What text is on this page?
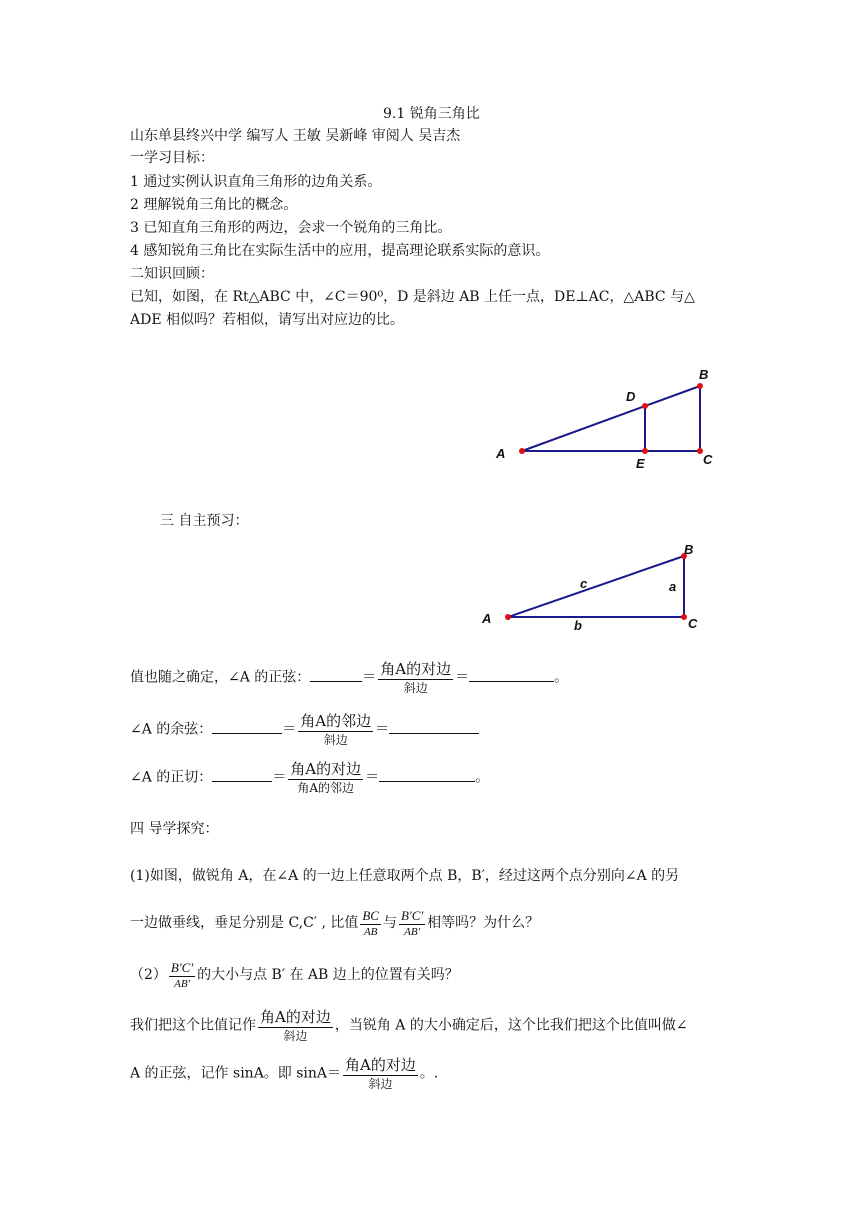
9.1 锐角三角比
山东单县终兴中学 编写人 王敏 吴新峰 审阅人 吴吉杰
一学习目标：
1 通过实例认识直角三角形的边角关系。
2 理解锐角三角比的概念。
3 已知直角三角形的两边，会求一个锐角的三角比。
4 感知锐角三角比在实际生活中的应用，提高理论联系实际的意识。
二知识回顾：
已知，如图，在 Rt△ABC 中，∠C＝90⁰，D 是斜边 AB 上任一点，DE⊥AC，△ABC 与△
ADE 相似吗？若相似，请写出对应边的比。
A
B
C
D
E
三 自主预习：
A
B
C
a
b
c
值也随之确定，∠A 的正弦：	＝ $\frac{\text{角A的对边}}{\text{斜边}}$ ＝	。
∠A 的余弦：	＝ $\frac{\text{角A的邻边}}{\text{斜边}}$ ＝
∠A 的正切：	＝ $\frac{\text{角A的对边}}{\text{角A的邻边}}$ ＝	。
四 导学探究：
(1)如图，做锐角 A，在∠A 的一边上任意取两个点 B，B′，经过这两个点分别向∠A 的另
一边做垂线，垂足分别是 C,C′ , 比值 $\frac{BC}{AB}$ 与 $\frac{B'C'}{AB'}$ 相等吗？为什么？
$(2) \frac{B'C'}{AB'}$ 的大小与点 B′ 在 AB 边上的位置有关吗？
我们把这个比值记作 $\frac{\text{角A的对边}}{\text{斜边}}$ ，当锐角 A 的大小确定后，这个比我们把这个比值叫做∠
A 的正弦，记作 sinA。即 $\sin A= \frac{\text{角A的对边}}{\text{斜边}}$ 。.
